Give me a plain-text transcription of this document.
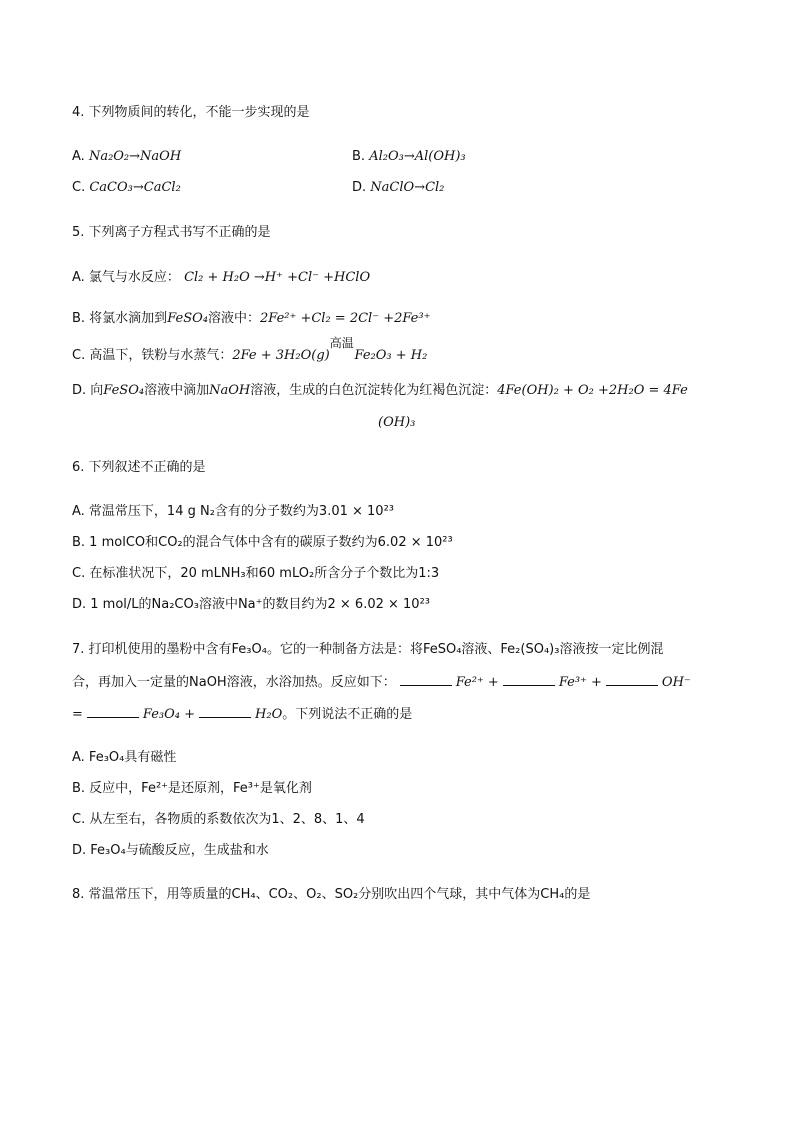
4. 下列物质间的转化，不能一步实现的是
A. Na₂O₂→NaOH	B. Al₂O₃→Al(OH)₃
C. CaCO₃→CaCl₂	D. NaClO→Cl₂
5. 下列离子方程式书写不正确的是
A. 氯气与水反应： Cl₂ + H₂O →H⁺ +Cl⁻ +HClO
B. 将氯水滴加到FeSO₄溶液中：2Fe²⁺ +Cl₂ = 2Cl⁻ +2Fe³⁺
C. 高温下，铁粉与水蒸气：2Fe + 3H₂O(g)
高温
Fe₂O₃ + H₂
D. 向FeSO₄溶液中滴加NaOH溶液，生成的白色沉淀转化为红褐色沉淀：4Fe(OH)₂ + O₂ +2H₂O = 4Fe
(OH)₃
6. 下列叙述不正确的是
A. 常温常压下，14 g N₂含有的分子数约为3.01 × 10²³
B. 1 molCO和CO₂的混合气体中含有的碳原子数约为6.02 × 10²³
C. 在标准状况下，20 mLNH₃和60 mLO₂所含分子个数比为1:3
D. 1 mol/L的Na₂CO₃溶液中Na⁺的数目约为2 × 6.02 × 10²³
7. 打印机使用的墨粉中含有Fe₃O₄。它的一种制备方法是：将FeSO₄溶液、Fe₂(SO₄)₃溶液按一定比例混
合，再加入一定量的NaOH溶液，水浴加热。反应如下：	Fe²⁺ +	Fe³⁺ +	OH⁻
=	Fe₃O₄ +	H₂O。下列说法不正确的是
A. Fe₃O₄具有磁性
B. 反应中，Fe²⁺是还原剂，Fe³⁺是氧化剂
C. 从左至右，各物质的系数依次为1、2、8、1、4
D. Fe₃O₄与硫酸反应，生成盐和水
8. 常温常压下，用等质量的CH₄、CO₂、O₂、SO₂分别吹出四个气球，其中气体为CH₄的是
